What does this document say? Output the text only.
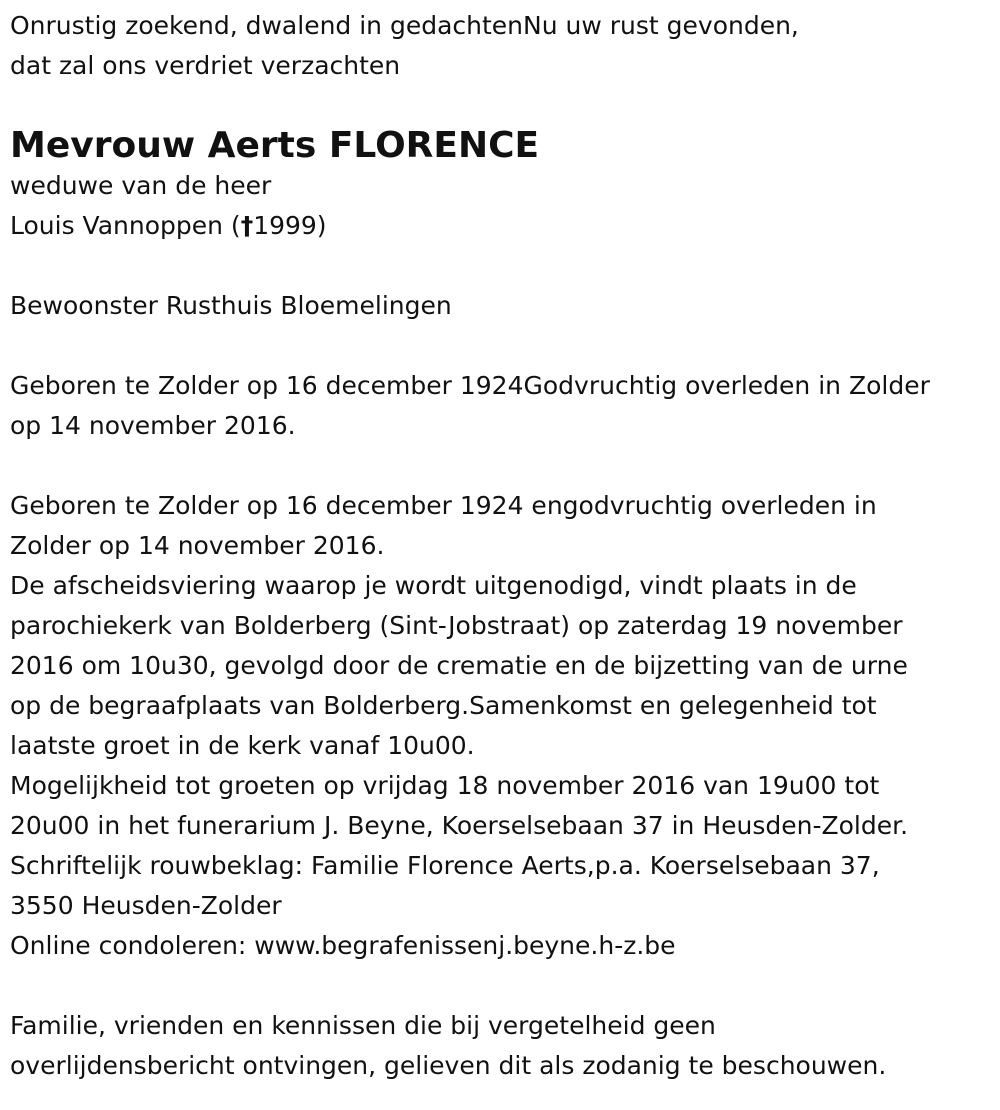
Onrustig zoekend, dwalend in gedachtenNu uw rust gevonden,
dat zal ons verdriet verzachten
Mevrouw Aerts FLORENCE
weduwe van de heer
Louis Vannoppen (†1999)
Bewoonster Rusthuis Bloemelingen
Geboren te Zolder op 16 december 1924Godvruchtig overleden in Zolder
op 14 november 2016.
Geboren te Zolder op 16 december 1924 engodvruchtig overleden in
Zolder op 14 november 2016.
De afscheidsviering waarop je wordt uitgenodigd, vindt plaats in de
parochiekerk van Bolderberg (Sint-Jobstraat) op zaterdag 19 november
2016 om 10u30, gevolgd door de crematie en de bijzetting van de urne
op de begraafplaats van Bolderberg.Samenkomst en gelegenheid tot
laatste groet in de kerk vanaf 10u00.
Mogelijkheid tot groeten op vrijdag 18 november 2016 van 19u00 tot
20u00 in het funerarium J. Beyne, Koerselsebaan 37 in Heusden-Zolder.
Schriftelijk rouwbeklag: Familie Florence Aerts,p.a. Koerselsebaan 37,
3550 Heusden-Zolder
Online condoleren: www.begrafenissenj.beyne.h-z.be
Familie, vrienden en kennissen die bij vergetelheid geen
overlijdensbericht ontvingen, gelieven dit als zodanig te beschouwen.
